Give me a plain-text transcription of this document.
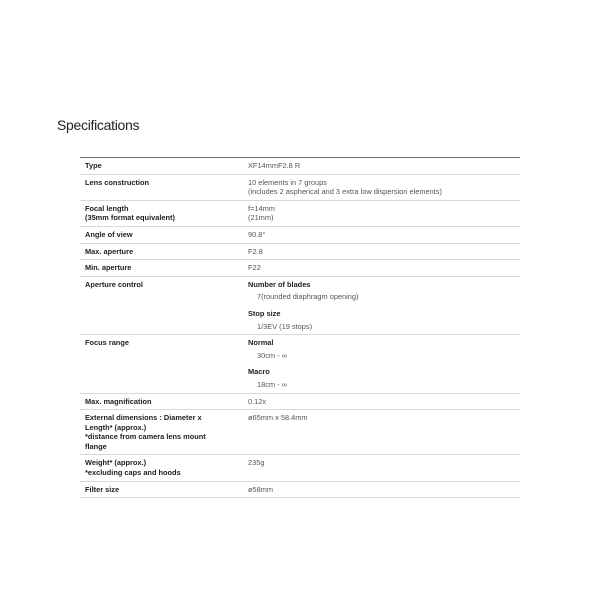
Specifications
Type	XF14mmF2.8 R
Lens construction	10 elements in 7 groups
(includes 2 aspherical and 3 extra low dispersion elements)

Focal length
(35mm format equivalent)	f=14mm
(21mm)

Angle of view	90.8°
Max. aperture	F2.8
Min. aperture	F22
Aperture control	Number of blades
7(rounded diaphragm opening)
Stop size
1/3EV (19 stops)

Focus range	Normal
30cm - ∞
Macro
18cm - ∞

Max. magnification	0.12x

External dimensions : Diameter x
Length* (approx.)
*distance from camera lens mount
flange	ø65mm x 58.4mm

Weight* (approx.)
*excluding caps and hoods	235g
Filter size	ø58mm
